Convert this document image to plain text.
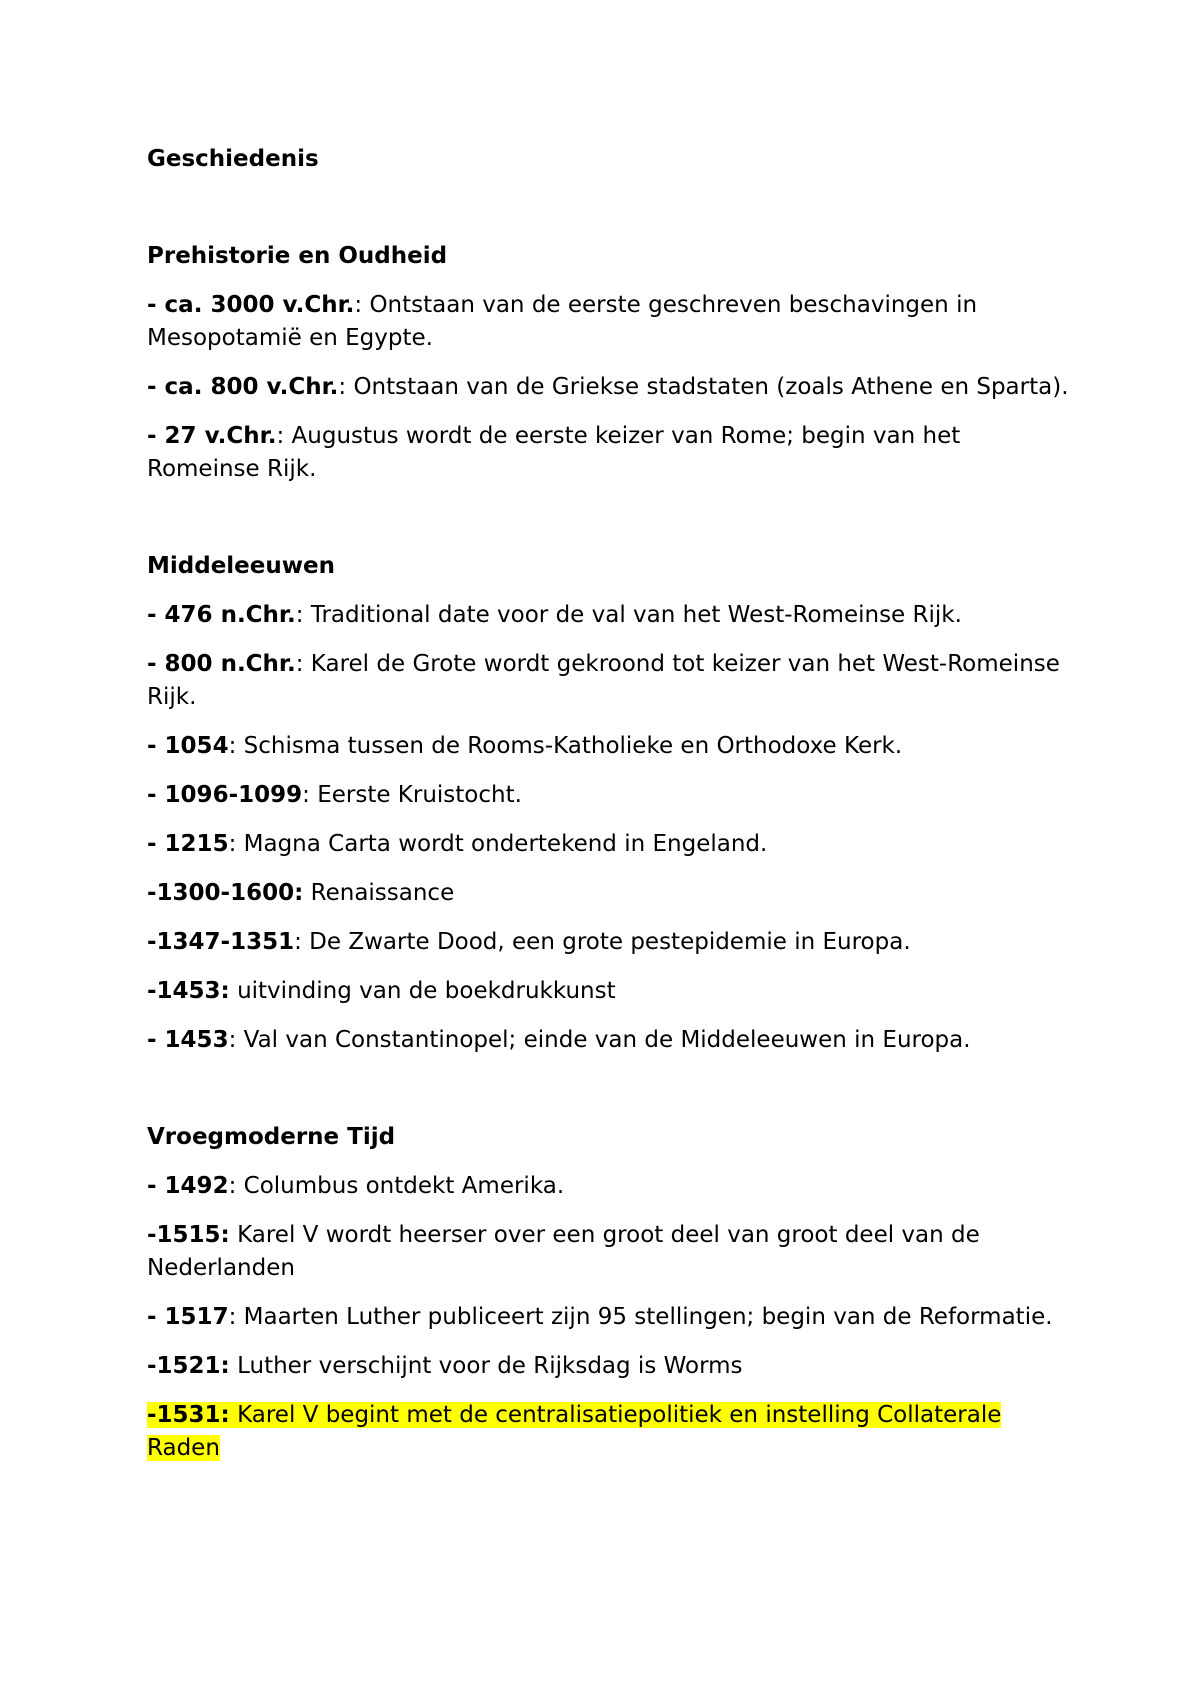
Geschiedenis

Prehistorie en Oudheid

- ca. 3000 v.Chr.: Ontstaan van de eerste geschreven beschavingen in Mesopotamië en Egypte.

- ca. 800 v.Chr.: Ontstaan van de Griekse stadstaten (zoals Athene en Sparta).

- 27 v.Chr.: Augustus wordt de eerste keizer van Rome; begin van het Romeinse Rijk.

Middeleeuwen

- 476 n.Chr.: Traditional date voor de val van het West-Romeinse Rijk.

- 800 n.Chr.: Karel de Grote wordt gekroond tot keizer van het West-Romeinse Rijk.

- 1054: Schisma tussen de Rooms-Katholieke en Orthodoxe Kerk.

- 1096-1099: Eerste Kruistocht.

- 1215: Magna Carta wordt ondertekend in Engeland.

-1300-1600: Renaissance

-1347-1351: De Zwarte Dood, een grote pestepidemie in Europa.

-1453: uitvinding van de boekdrukkunst

- 1453: Val van Constantinopel; einde van de Middeleeuwen in Europa.

Vroegmoderne Tijd

- 1492: Columbus ontdekt Amerika.

-1515: Karel V wordt heerser over een groot deel van groot deel van de Nederlanden

- 1517: Maarten Luther publiceert zijn 95 stellingen; begin van de Reformatie.

-1521: Luther verschijnt voor de Rijksdag is Worms

-1531: Karel V begint met de centralisatiepolitiek en instelling Collaterale Raden
